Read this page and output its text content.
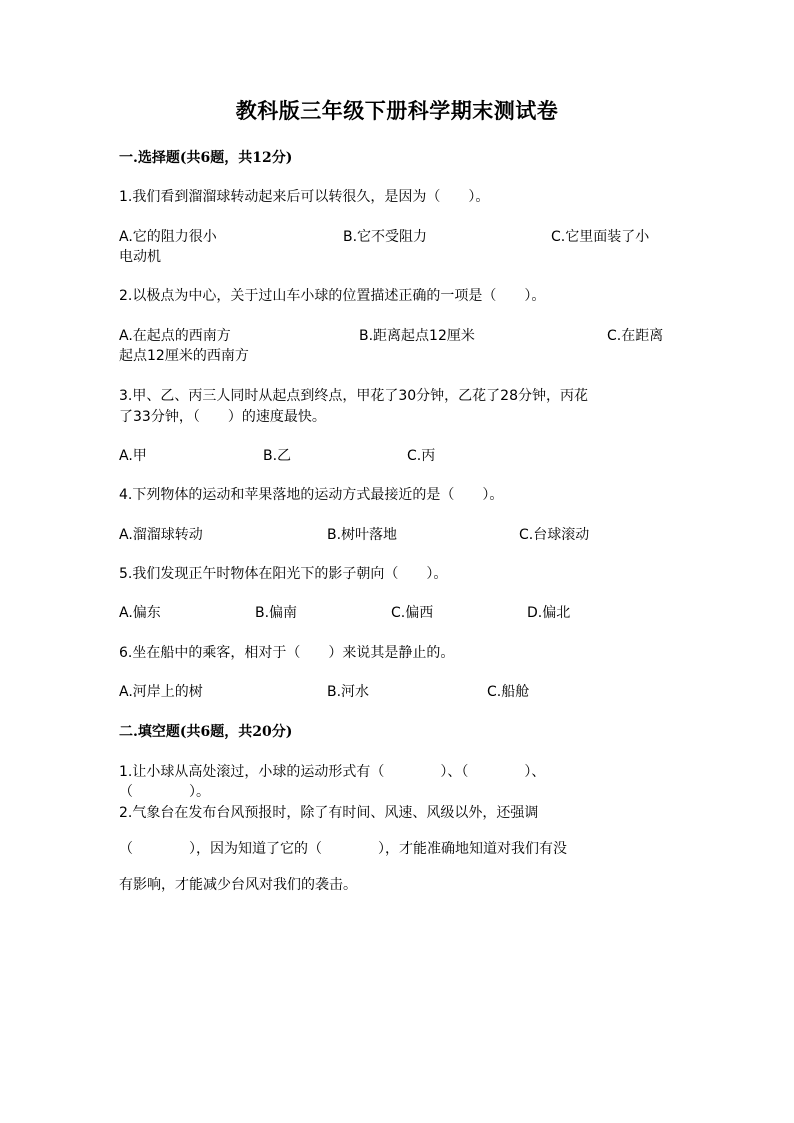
教科版三年级下册科学期末测试卷
一.选择题(共6题，共12分)
1.我们看到溜溜球转动起来后可以转很久，是因为（　　）。
A.它的阻力很小	B.它不受阻力	C.它里面装了小
电动机
2.以极点为中心，关于过山车小球的位置描述正确的一项是（　　）。
A.在起点的西南方	B.距离起点12厘米	C.在距离
起点12厘米的西南方
3.甲、乙、丙三人同时从起点到终点，甲花了30分钟，乙花了28分钟，丙花
了33分钟，（　　）的速度最快。
A.甲	B.乙	C.丙
4.下列物体的运动和苹果落地的运动方式最接近的是（　　）。
A.溜溜球转动	B.树叶落地	C.台球滚动
5.我们发现正午时物体在阳光下的影子朝向（　　）。
A.偏东	B.偏南	C.偏西	D.偏北
6.坐在船中的乘客，相对于（　　）来说其是静止的。
A.河岸上的树	B.河水	C.船舱
二.填空题(共6题，共20分)
1.让小球从高处滚过，小球的运动形式有（　　　　）、（　　　　）、
（　　　　）。
2.气象台在发布台风预报时，除了有时间、风速、风级以外，还强调
（　　　　），因为知道了它的（　　　　），才能准确地知道对我们有没
有影响，才能减少台风对我们的袭击。
